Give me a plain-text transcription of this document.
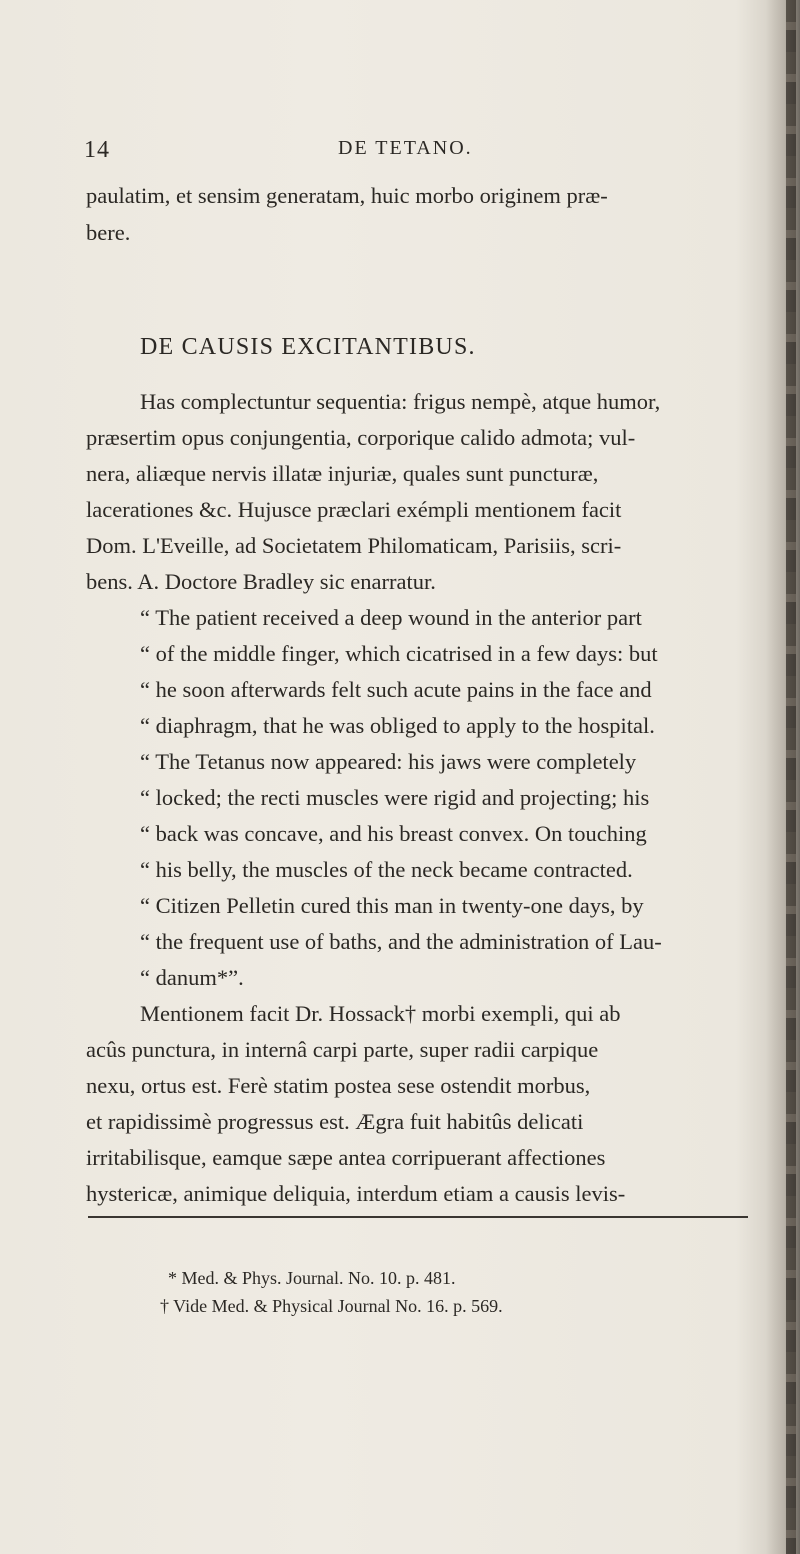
14	DE TETANO.
paulatim, et sensim generatam, huic morbo originem præ-
bere.
DE CAUSIS EXCITANTIBUS.
Has complectuntur sequentia: frigus nempè, atque humor,
præsertim opus conjungentia, corporique calido admota; vul-
nera, aliæque nervis illatæ injuriæ, quales sunt puncturæ,
lacerationes &c. Hujusce præclari exémpli mentionem facit
Dom. L'Eveille, ad Societatem Philomaticam, Parisiis, scri-
bens. A. Doctore Bradley sic enarratur.
“ The patient received a deep wound in the anterior part
“ of the middle finger, which cicatrised in a few days: but
“ he soon afterwards felt such acute pains in the face and
“ diaphragm, that he was obliged to apply to the hospital.
“ The Tetanus now appeared: his jaws were completely
“ locked; the recti muscles were rigid and projecting; his
“ back was concave, and his breast convex. On touching
“ his belly, the muscles of the neck became contracted.
“ Citizen Pelletin cured this man in twenty-one days, by
“ the frequent use of baths, and the administration of Lau-
“ danum*”.
Mentionem facit Dr. Hossack† morbi exempli, qui ab
acûs punctura, in internâ carpi parte, super radii carpique
nexu, ortus est. Ferè statim postea sese ostendit morbus,
et rapidissimè progressus est. Ægra fuit habitûs delicati
irritabilisque, eamque sæpe antea corripuerant affectiones
hystericæ, animique deliquia, interdum etiam a causis levis-
* Med. & Phys. Journal. No. 10. p. 481.
† Vide Med. & Physical Journal No. 16. p. 569.
